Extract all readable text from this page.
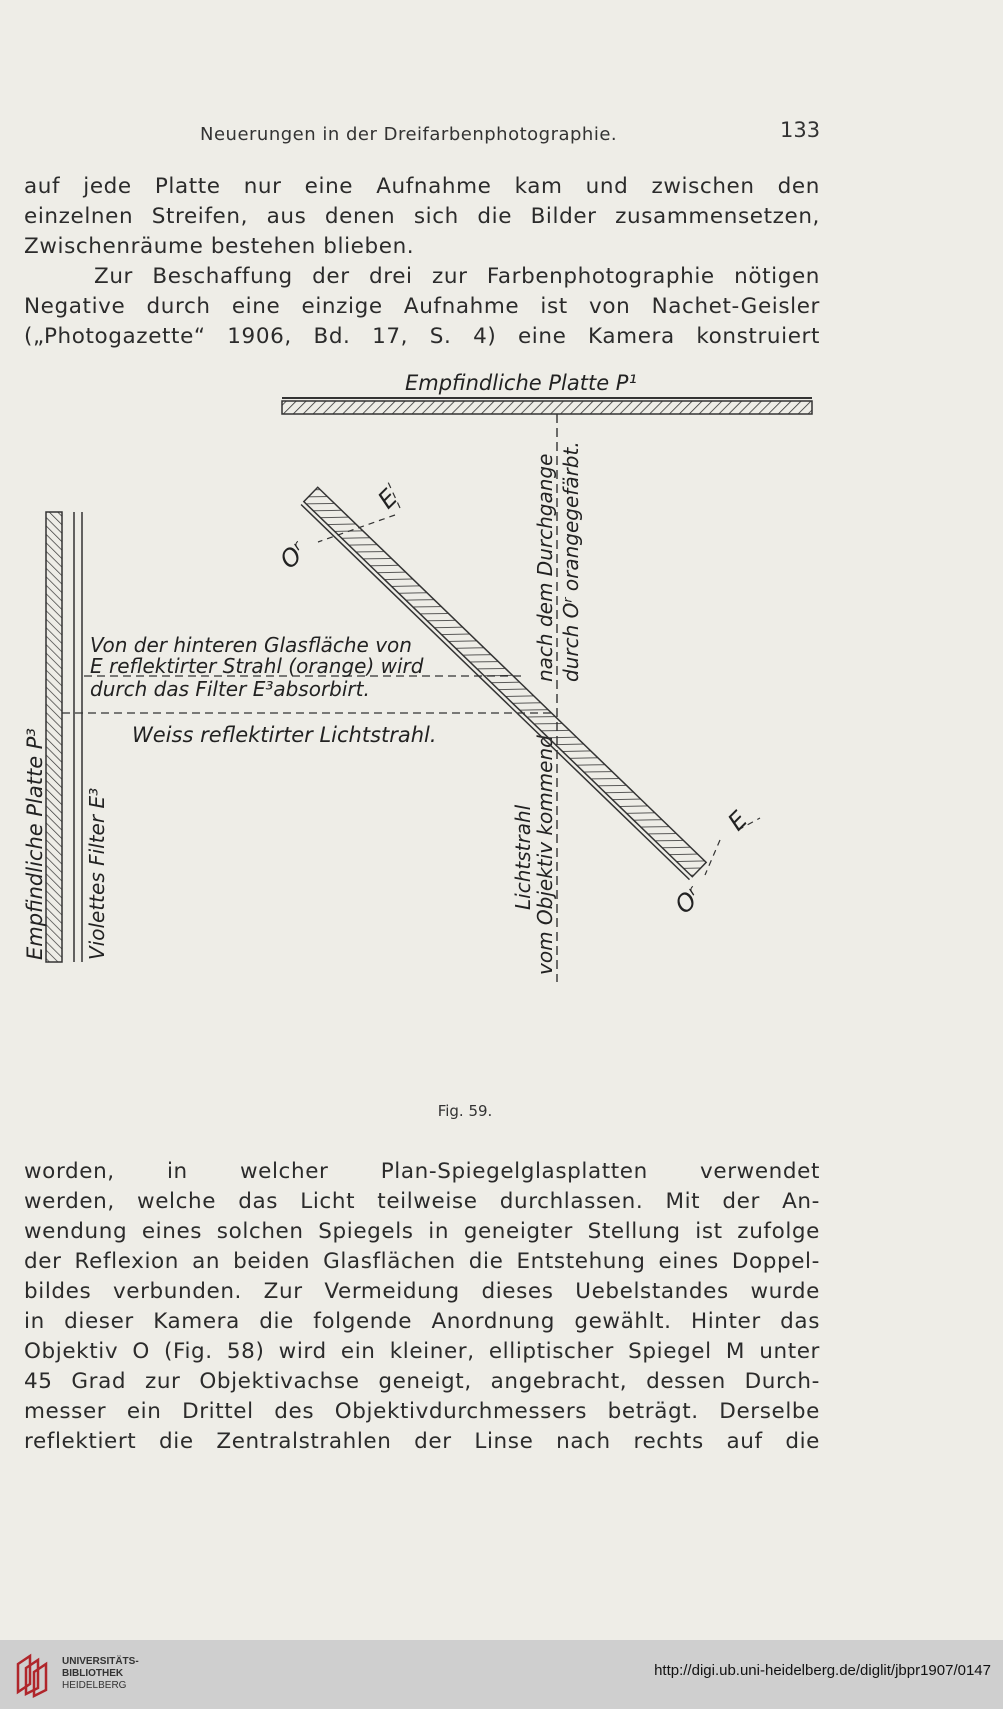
Neuerungen in der Dreifarbenphotographie.	133
auf jede Platte nur eine Aufnahme kam und zwischen den
einzelnen Streifen, aus denen sich die Bilder zusammensetzen,
Zwischenräume bestehen blieben.
Zur Beschaffung der drei zur Farbenphotographie nötigen
Negative durch eine einzige Aufnahme ist von Nachet-Geisler
(„Photogazette“ 1906, Bd. 17, S. 4) eine Kamera konstruiert
Empfindliche Platte P¹
Empfindliche Platte P³ Violettes Filter E³	Lichtstrahl
vom Objektiv kommend
nach dem Durchgange durch Oʳ orangegefärbt.
E
Oʳ
E
Oʳ
Von der hinteren Glasfläche von
E reflektirter Strahl (orange) wird
durch das Filter E³absorbirt.
Weiss reflektirter Lichtstrahl.
Fig. 59.
worden, in welcher Plan-Spiegelglasplatten verwendet
werden, welche das Licht teilweise durchlassen. Mit der An-
wendung eines solchen Spiegels in geneigter Stellung ist zufolge
der Reflexion an beiden Glasflächen die Entstehung eines Doppel-
bildes verbunden. Zur Vermeidung dieses Uebelstandes wurde
in dieser Kamera die folgende Anordnung gewählt. Hinter das
Objektiv O (Fig. 58) wird ein kleiner, elliptischer Spiegel M unter
45 Grad zur Objektivachse geneigt, angebracht, dessen Durch-
messer ein Drittel des Objektivdurchmessers beträgt. Derselbe
reflektiert die Zentralstrahlen der Linse nach rechts auf die
UNIVERSITÄTS-
BIBLIOTHEK
HEIDELBERG
http://digi.ub.uni-heidelberg.de/diglit/jbpr1907/0147
